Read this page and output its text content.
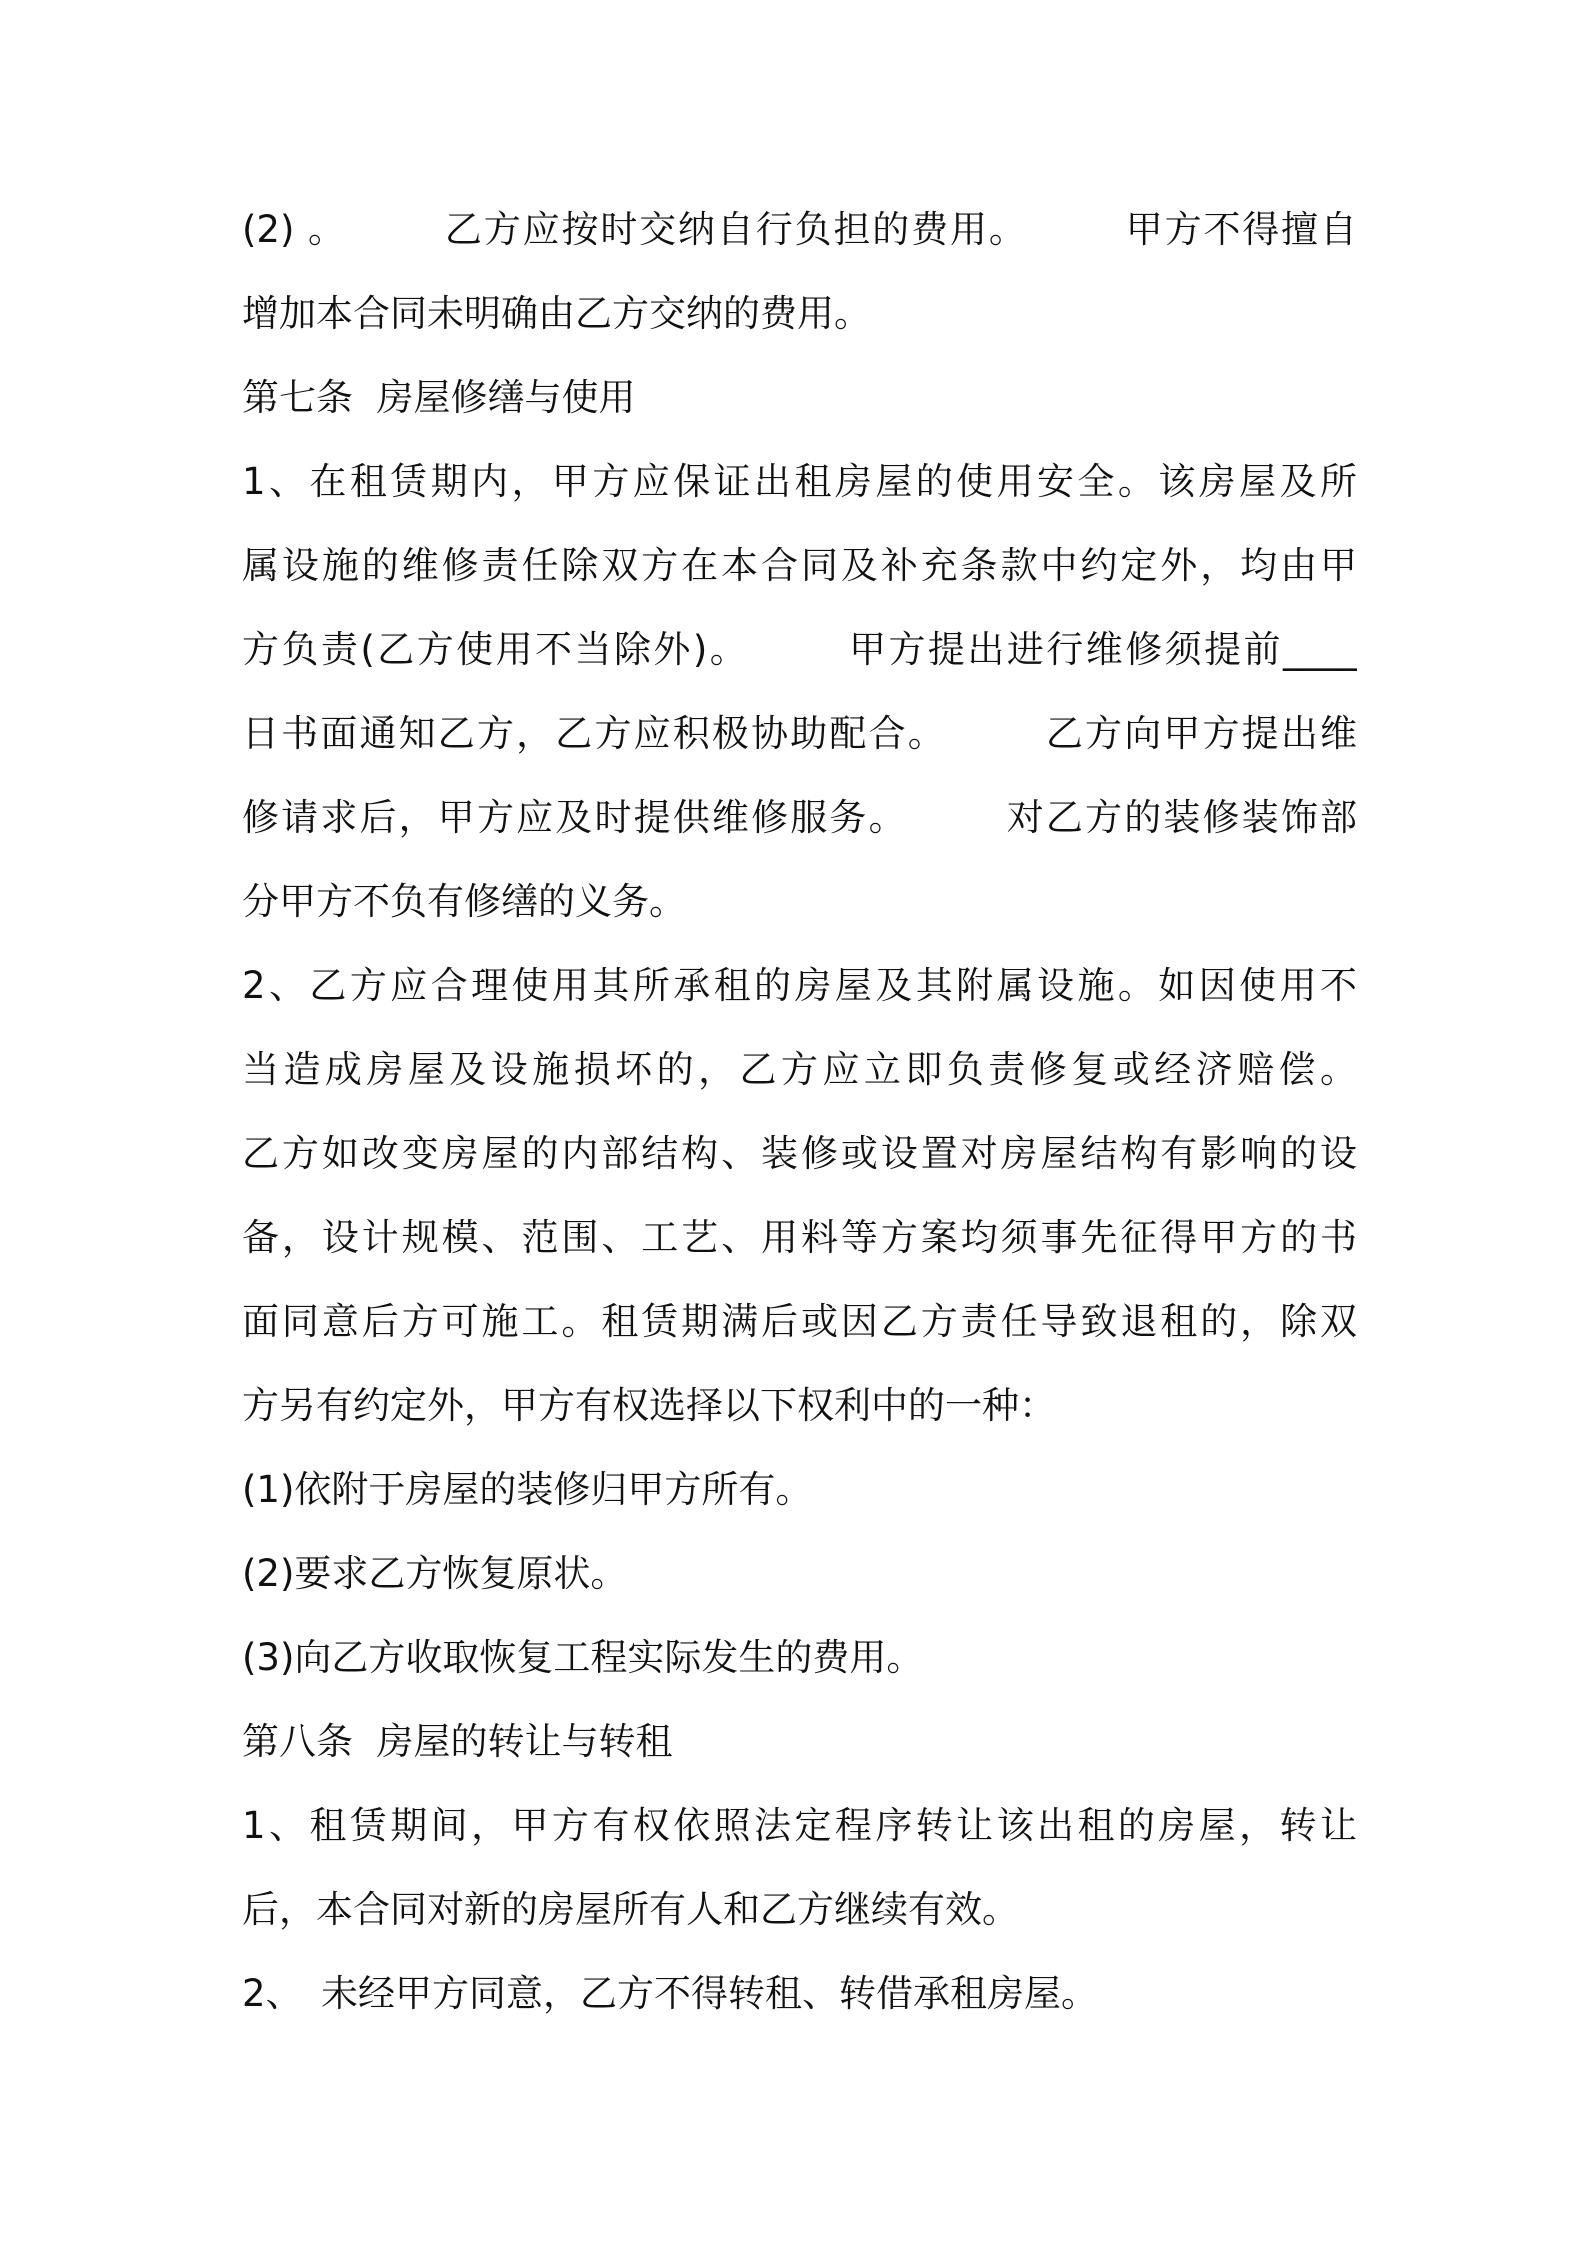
(2) 。　　　乙方应按时交纳自行负担的费用。　　　甲方不得擅自
增加本合同未明确由乙方交纳的费用。
第七条  房屋修缮与使用
1、在租赁期内，甲方应保证出租房屋的使用安全。该房屋及所
属设施的维修责任除双方在本合同及补充条款中约定外，均由甲
方负责(乙方使用不当除外)。　　　甲方提出进行维修须提前____
日书面通知乙方，乙方应积极协助配合。　　　乙方向甲方提出维
修请求后，甲方应及时提供维修服务。　　　对乙方的装修装饰部
分甲方不负有修缮的义务。
2、乙方应合理使用其所承租的房屋及其附属设施。如因使用不
当造成房屋及设施损坏的，乙方应立即负责修复或经济赔偿。
乙方如改变房屋的内部结构、装修或设置对房屋结构有影响的设
备，设计规模、范围、工艺、用料等方案均须事先征得甲方的书
面同意后方可施工。租赁期满后或因乙方责任导致退租的，除双
方另有约定外，甲方有权选择以下权利中的一种：
(1)依附于房屋的装修归甲方所有。
(2)要求乙方恢复原状。
(3)向乙方收取恢复工程实际发生的费用。
第八条  房屋的转让与转租
1、租赁期间，甲方有权依照法定程序转让该出租的房屋，转让
后，本合同对新的房屋所有人和乙方继续有效。
2、　未经甲方同意，乙方不得转租、转借承租房屋。
